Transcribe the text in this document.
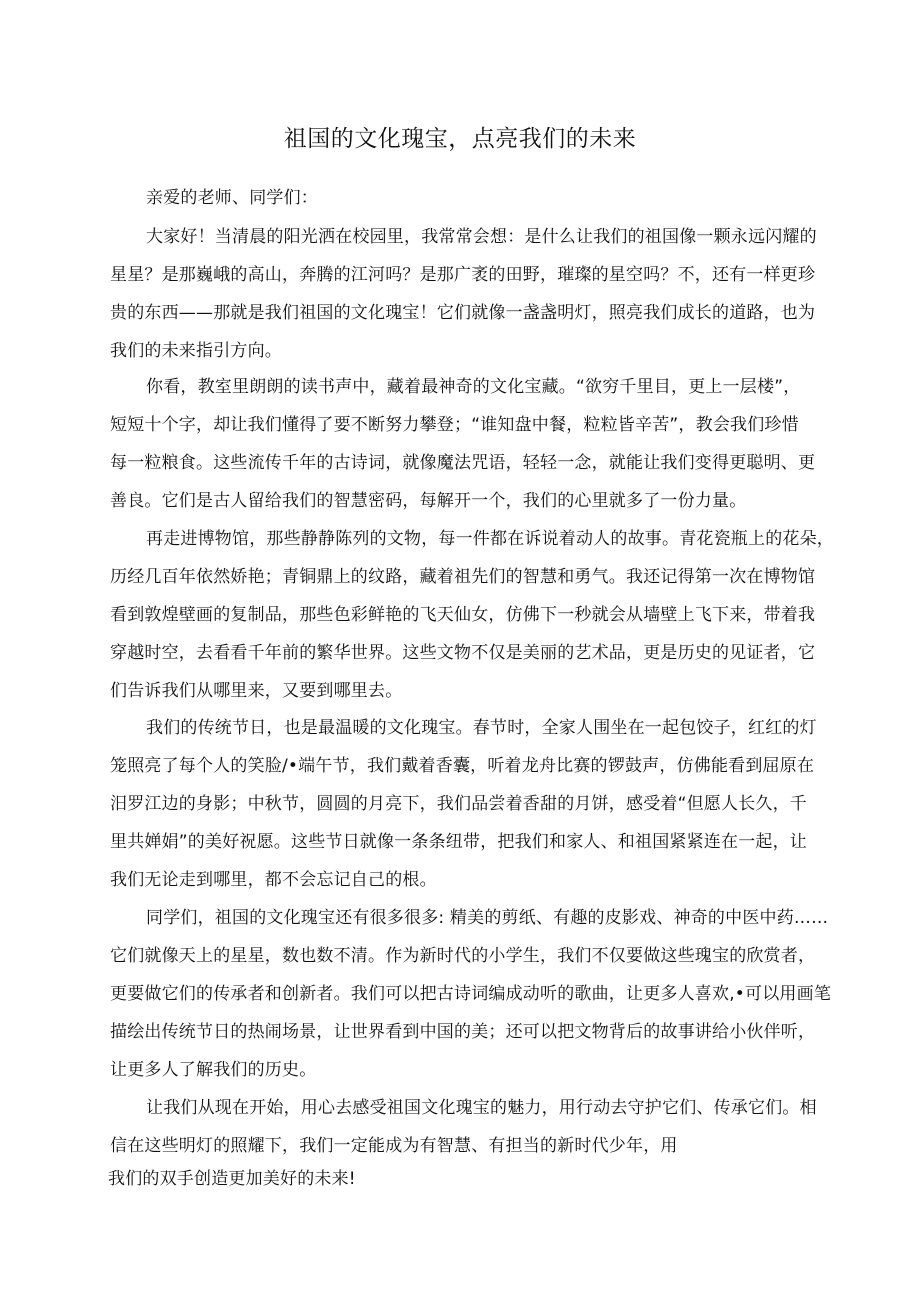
祖国的文化瑰宝，点亮我们的未来

亲爱的老师、同学们：

大家好！当清晨的阳光洒在校园里，我常常会想：是什么让我们的祖国像一颗永远闪耀的

星星？是那巍峨的高山，奔腾的江河吗？是那广袤的田野，璀璨的星空吗？不，还有一样更珍

贵的东西——那就是我们祖国的文化瑰宝！它们就像一盏盏明灯，照亮我们成长的道路，也为

我们的未来指引方向。

你看，教室里朗朗的读书声中，藏着最神奇的文化宝藏。“欲穷千里目，更上一层楼”，

短短十个字，却让我们懂得了要不断努力攀登；“谁知盘中餐，粒粒皆辛苦”，教会我们珍惜

每一粒粮食。这些流传千年的古诗词，就像魔法咒语，轻轻一念，就能让我们变得更聪明、更

善良。它们是古人留给我们的智慧密码，每解开一个，我们的心里就多了一份力量。

再走进博物馆，那些静静陈列的文物，每一件都在诉说着动人的故事。青花瓷瓶上的花朵，

历经几百年依然娇艳；青铜鼎上的纹路，藏着祖先们的智慧和勇气。我还记得第一次在博物馆

看到敦煌壁画的复制品，那些色彩鲜艳的飞天仙女，仿佛下一秒就会从墙壁上飞下来，带着我

穿越时空，去看看千年前的繁华世界。这些文物不仅是美丽的艺术品，更是历史的见证者，它

们告诉我们从哪里来，又要到哪里去。

我们的传统节日，也是最温暖的文化瑰宝。春节时，全家人围坐在一起包饺子，红红的灯

笼照亮了每个人的笑脸/•端午节，我们戴着香囊，听着龙舟比赛的锣鼓声，仿佛能看到屈原在

汨罗江边的身影；中秋节，圆圆的月亮下，我们品尝着香甜的月饼，感受着“但愿人长久，千

里共婵娟”的美好祝愿。这些节日就像一条条纽带，把我们和家人、和祖国紧紧连在一起，让

我们无论走到哪里，都不会忘记自己的根。

同学们，祖国的文化瑰宝还有很多很多: 精美的剪纸、有趣的皮影戏、神奇的中医中药……

它们就像天上的星星，数也数不清。作为新时代的小学生，我们不仅要做这些瑰宝的欣赏者，

更要做它们的传承者和创新者。我们可以把古诗词编成动听的歌曲，让更多人喜欢,•可以用画笔

描绘出传统节日的热闹场景，让世界看到中国的美；还可以把文物背后的故事讲给小伙伴听，

让更多人了解我们的历史。

让我们从现在开始，用心去感受祖国文化瑰宝的魅力，用行动去守护它们、传承它们。相

信在这些明灯的照耀下，我们一定能成为有智慧、有担当的新时代少年，用

我们的双手创造更加美好的未来!
